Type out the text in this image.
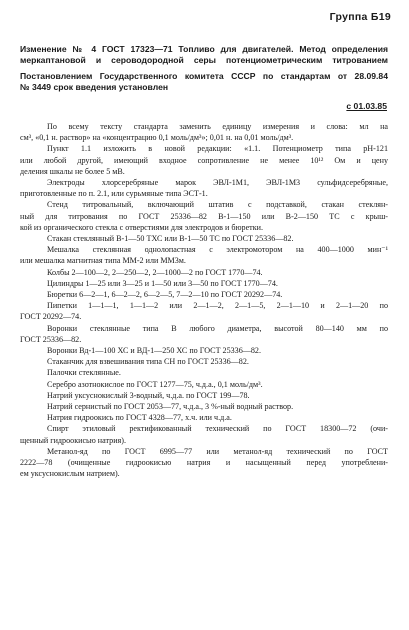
Группа Б19
Изменение № 4 ГОСТ 17323—71 Топливо для двигателей. Метод определения
меркаптановой и сероводородной серы потенциометрическим титрованием
Постановлением Государственного комитета СССР по стандартам от 28.09.84
№ 3449 срок введения установлен
с 01.03.85

По всему тексту стандарта заменить единицу измерения и слова: мл на

см³, «0,1 н. раствор» на «концентрацию 0,1 моль/дм³»; 0,01 н. на 0,01 моль/дм³.

Пункт 1.1 изложить в новой редакции: «1.1. Потенциометр типа рН-121

или любой другой, имеющий входное сопротивление не менее 10¹² Ом и цену

деления шкалы не более 5 мВ.

Электроды хлорсеребряные марок ЭВЛ-1М1, ЭВЛ-1М3 сульфидсеребряные,

приготовленные по п. 2.1, или сурьмяные типа ЭСТ-1.

Стенд титровальный, включающий штатив с подставкой, стакан стеклян-

ный для титрования по ГОСТ 25336—82 В-1—150 или В-2—150 ТС с крыш-

кой из органического стекла с отверстиями для электродов и бюретки.

Стакан стеклянный В-1—50 ТХС или В-1—50 ТС по ГОСТ 25336—82.

Мешалка стеклянная однолопастная с электромотором на 400—1000 мин⁻¹

или мешалка магнитная типа ММ-2 или ММ3м.

Колбы 2—100—2, 2—250—2, 2—1000—2 по ГОСТ 1770—74.

Цилиндры 1—25 или 3—25 и 1—50 или 3—50 по ГОСТ 1770—74.

Бюретки 6—2—1, 6—2—2, 6—2—5, 7—2—10 по ГОСТ 20292—74.

Пипетки 1—1—1, 1—1—2 или 2—1—2, 2—1—5, 2—1—10 и 2—1—20 по

ГОСТ 20292—74.

Воронки стеклянные типа В любого диаметра, высотой 80—140 мм по

ГОСТ 25336—82.

Воронки Вд-1—100 ХС и ВД-1—250 ХС по ГОСТ 25336—82.

Стаканчик для взвешивания типа СН по ГОСТ 25336—82.

Палочки стеклянные.

Серебро азотнокислое по ГОСТ 1277—75, ч.д.а., 0,1 моль/дм³.

Натрий уксуснокислый 3-водный, ч.д.а. по ГОСТ 199—78.

Натрий сернистый по ГОСТ 2053—77, ч.д.а., 3 %-ный водный раствор.

Натрия гидроокись по ГОСТ 4328—77, х.ч. или ч.д.а.

Спирт этиловый ректификованный технический по ГОСТ 18300—72 (очи-

щенный гидроокисью натрия).

Метанол-яд по ГОСТ 6995—77 или метанол-яд технический по ГОСТ

2222—78 (очищенные гидроокисью натрия и насыщенный перед употреблени-

ем уксуснокислым натрием).
